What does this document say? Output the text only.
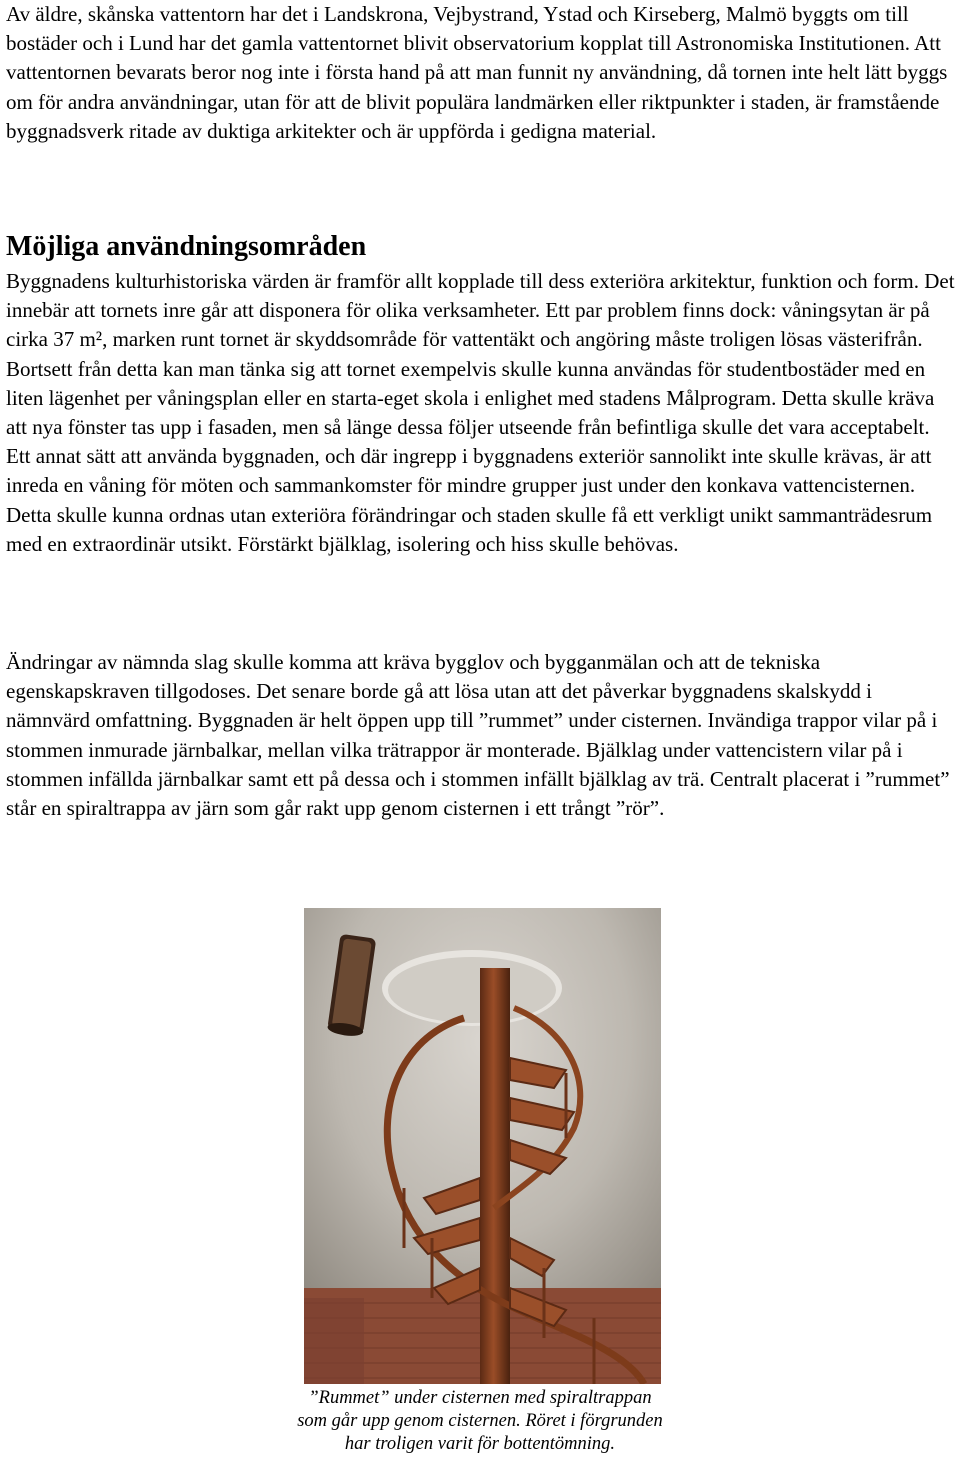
Av äldre, skånska vattentorn har det i Landskrona, Vejbystrand, Ystad och Kirseberg, Malmö byggts om till bostäder och i Lund har det gamla vattentornet blivit observatorium kopplat till Astronomiska Institutionen. Att vattentornen bevarats beror nog inte i första hand på att man funnit ny användning, då tornen inte helt lätt byggs om för andra användningar, utan för att de blivit populära landmärken eller riktpunkter i staden, är framstående byggnadsverk ritade av duktiga arkitekter och är uppförda i gedigna material.

Möjliga användningsområden

Byggnadens kulturhistoriska värden är framför allt kopplade till dess exteriöra arkitektur, funktion och form. Det innebär att tornets inre går att disponera för olika verksamheter. Ett par problem finns dock: våningsytan är på cirka 37 m², marken runt tornet är skyddsområde för vattentäkt och angöring måste troligen lösas västerifrån. Bortsett från detta kan man tänka sig att tornet exempelvis skulle kunna användas för studentbostäder med en liten lägenhet per våningsplan eller en starta-eget skola i enlighet med stadens Målprogram. Detta skulle kräva att nya fönster tas upp i fasaden, men så länge dessa följer utseende från befintliga skulle det vara acceptabelt. Ett annat sätt att använda byggnaden, och där ingrepp i byggnadens exteriör sannolikt inte skulle krävas, är att inreda en våning för möten och sammankomster för mindre grupper just under den konkava vattencisternen. Detta skulle kunna ordnas utan exteriöra förändringar och staden skulle få ett verkligt unikt sammanträdesrum med en extraordinär utsikt. Förstärkt bjälklag, isolering och hiss skulle behövas.

Ändringar av nämnda slag skulle komma att kräva bygglov och bygganmälan och att de tekniska egenskapskraven tillgodoses. Det senare borde gå att lösa utan att det påverkar byggnadens skalskydd i nämnvärd omfattning. Byggnaden är helt öppen upp till ”rummet” under cisternen. Invändiga trappor vilar på i stommen inmurade järnbalkar, mellan vilka trätrappor är monterade. Bjälklag under vattencistern vilar på i stommen infällda järnbalkar samt ett på dessa och i stommen infällt bjälklag av trä. Centralt placerat i ”rummet” står en spiraltrappa av järn som går rakt upp genom cisternen i ett trångt ”rör”.

”Rummet” under cisternen med spiraltrappan
som går upp genom cisternen. Röret i förgrunden
har troligen varit för bottentömning.
